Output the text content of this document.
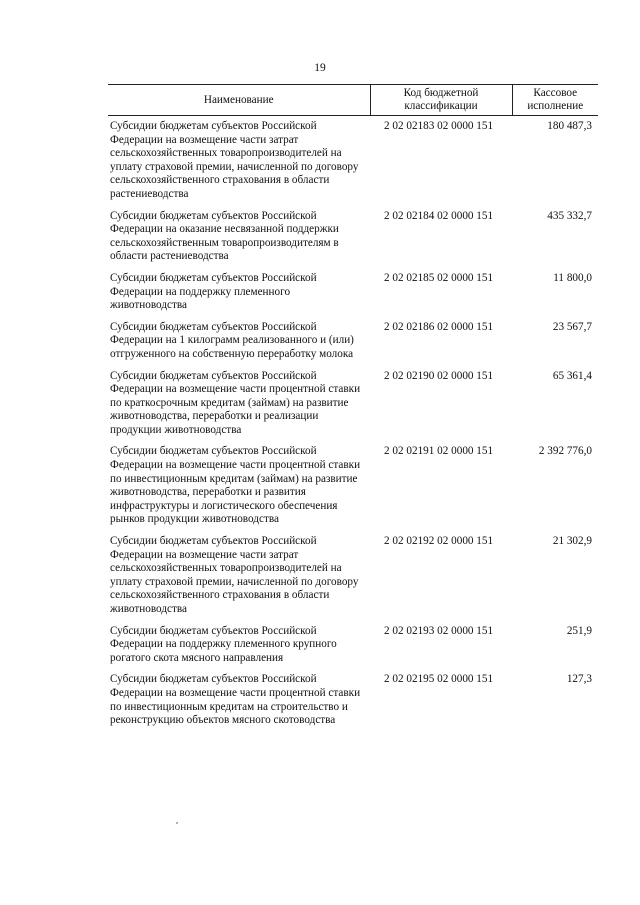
19
Наименование	Код бюджетной классификации	Кассовое исполнение
Субсидии бюджетам субъектов Российской Федерации на возмещение части затрат сельскохозяйственных товаропроизводителей на уплату страховой премии, начисленной по договору сельскохозяйственного страхования в области растениеводства	2 02 02183 02 0000 151	180 487,3
Субсидии бюджетам субъектов Российской Федерации на оказание несвязанной поддержки сельскохозяйственным товаропроизводителям в области растениеводства	2 02 02184 02 0000 151	435 332,7
Субсидии бюджетам субъектов Российской Федерации на поддержку племенного животноводства	2 02 02185 02 0000 151	11 800,0
Субсидии бюджетам субъектов Российской Федерации на 1 килограмм реализованного и (или) отгруженного на собственную переработку молока	2 02 02186 02 0000 151	23 567,7
Субсидии бюджетам субъектов Российской Федерации на возмещение части процентной ставки по краткосрочным кредитам (займам) на развитие животноводства, переработки и реализации продукции животноводства	2 02 02190 02 0000 151	65 361,4
Субсидии бюджетам субъектов Российской Федерации на возмещение части процентной ставки по инвестиционным кредитам (займам) на развитие животноводства, переработки и развития инфраструктуры и логистического обеспечения рынков продукции животноводства	2 02 02191 02 0000 151	2 392 776,0
Субсидии бюджетам субъектов Российской Федерации на возмещение части затрат сельскохозяйственных товаропроизводителей на уплату страховой премии, начисленной по договору сельскохозяйственного страхования в области животноводства	2 02 02192 02 0000 151	21 302,9
Субсидии бюджетам субъектов Российской Федерации на поддержку племенного крупного рогатого скота мясного направления	2 02 02193 02 0000 151	251,9
Субсидии бюджетам субъектов Российской Федерации на возмещение части процентной ставки по инвестиционным кредитам на строительство и реконструкцию объектов мясного скотоводства	2 02 02195 02 0000 151	127,3
